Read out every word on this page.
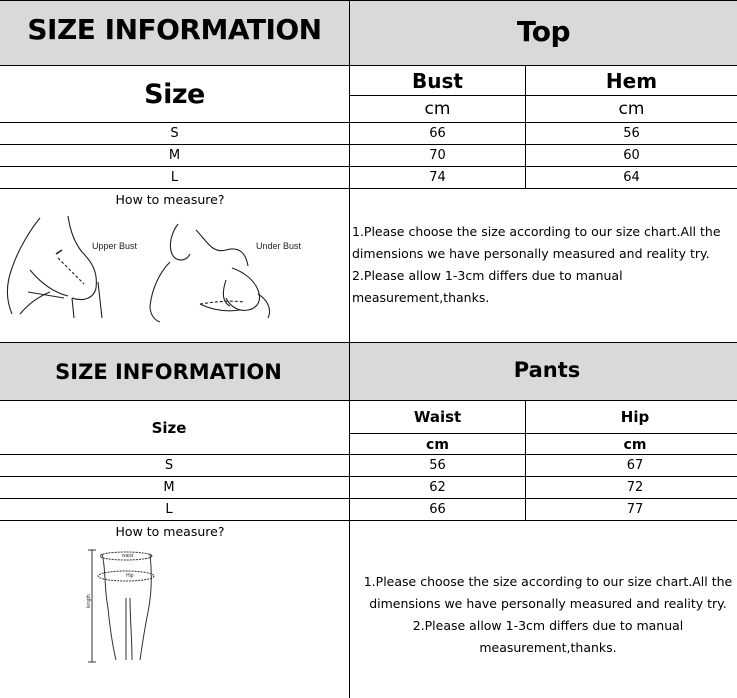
SIZE INFORMATION	Top
Size	Bust	Hem
cm	cm
S	66	56
M	70	60
L	74	64
How to measure?
Upper Bust	Under Bust
1.Please choose the size according to our size chart.All the dimensions we have personally measured and reality try.
2.Please allow 1-3cm differs due to manual measurement,thanks.
SIZE INFORMATION	Pants
Size
Waist	Hip
cm	cm
S	56	67
M	62	72
L	66	77
How to measure?
waist
Hip
length
1.Please choose the size according to our size chart.All the dimensions we have personally measured and reality try.
2.Please allow 1-3cm differs due to manual measurement,thanks.
